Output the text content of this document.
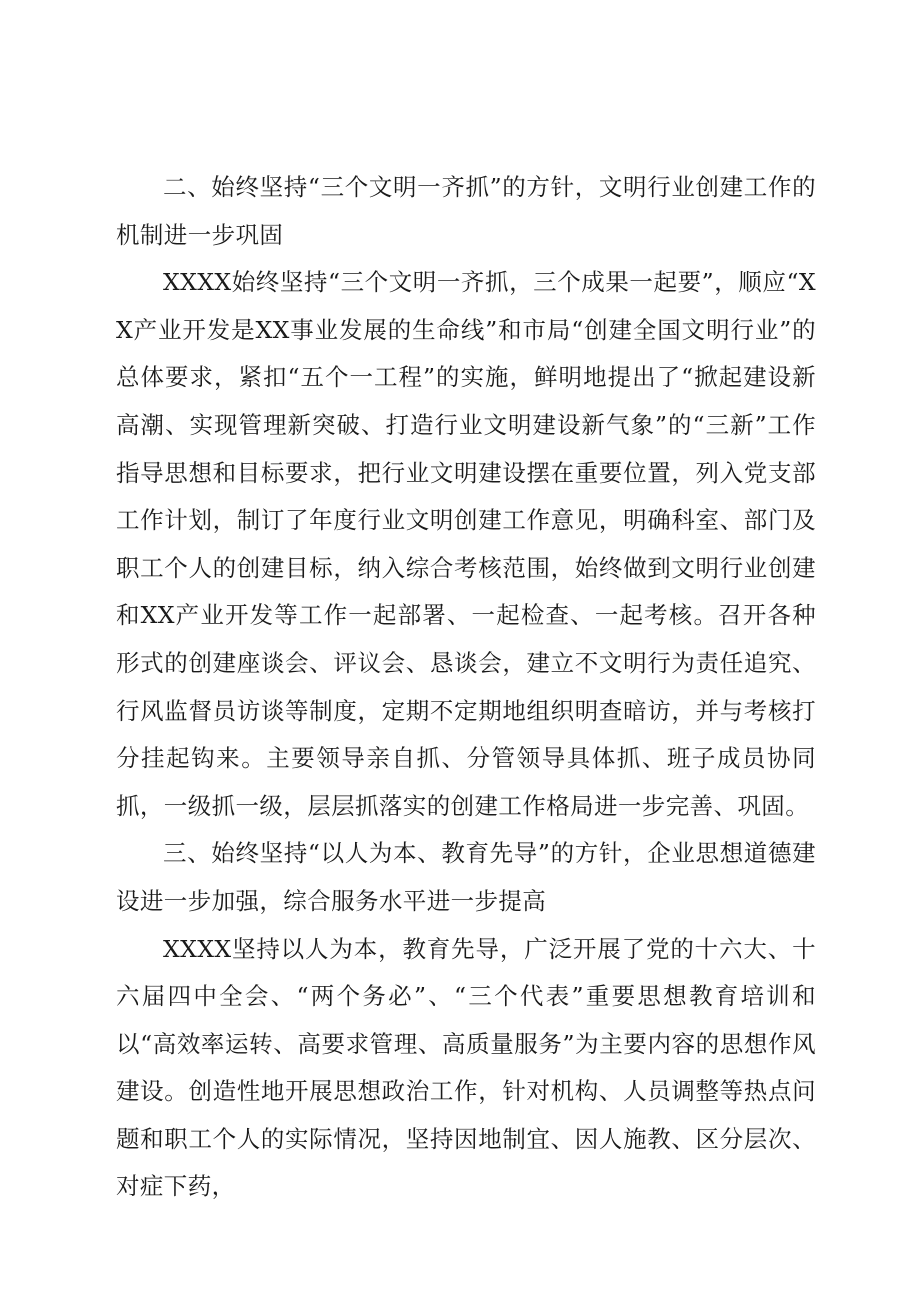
二、始终坚持“三个文明一齐抓”的方针，文明行业创建工作的机制进一步巩固

XXXX始终坚持“三个文明一齐抓，三个成果一起要”，顺应“XX产业开发是XX事业发展的生命线”和市局“创建全国文明行业”的总体要求，紧扣“五个一工程”的实施，鲜明地提出了“掀起建设新高潮、实现管理新突破、打造行业文明建设新气象”的“三新”工作指导思想和目标要求，把行业文明建设摆在重要位置，列入党支部工作计划，制订了年度行业文明创建工作意见，明确科室、部门及职工个人的创建目标，纳入综合考核范围，始终做到文明行业创建和XX产业开发等工作一起部署、一起检查、一起考核。召开各种形式的创建座谈会、评议会、恳谈会，建立不文明行为责任追究、行风监督员访谈等制度，定期不定期地组织明查暗访，并与考核打分挂起钩来。主要领导亲自抓、分管领导具体抓、班子成员协同抓，一级抓一级，层层抓落实的创建工作格局进一步完善、巩固。

三、始终坚持“以人为本、教育先导”的方针，企业思想道德建设进一步加强，综合服务水平进一步提高

XXXX坚持以人为本，教育先导，广泛开展了党的十六大、十六届四中全会、“两个务必”、“三个代表”重要思想教育培训和以“高效率运转、高要求管理、高质量服务”为主要内容的思想作风建设。创造性地开展思想政治工作，针对机构、人员调整等热点问题和职工个人的实际情况，坚持因地制宜、因人施教、区分层次、对症下药，
